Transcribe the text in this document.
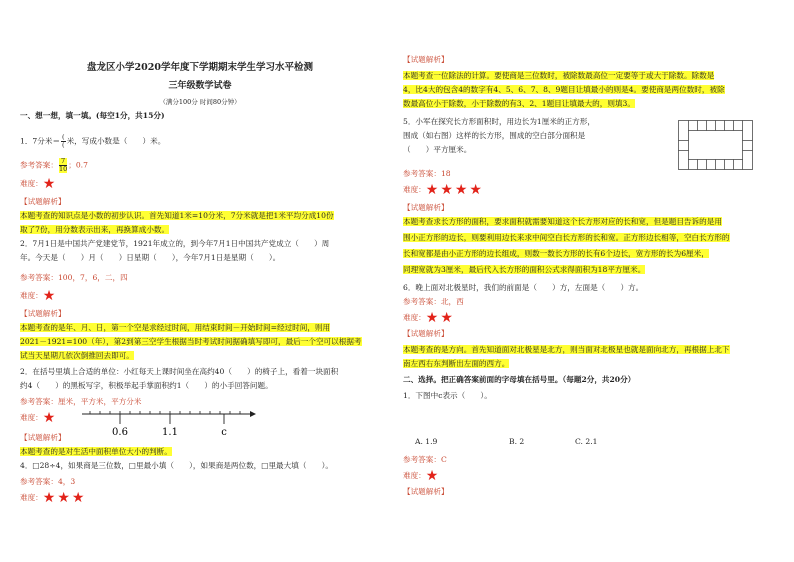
盘龙区小学2020学年度下学期期末学生学习水平检测
三年级数学试卷
（满分100分 时间80分钟）
一、想一想，填一填。(每空1分，共15分)
1．7分米＝ $\frac{(}{(}$ 米，写成小数是（　　）米。
参考答案： $\frac{7}{10}$ ；0.7
难度：★
【试题解析】
本题考查的知识点是小数的初步认识。首先知道1米=10分米，7分米就是把1米平均分成10份
取了7份，用分数表示出来，再换算成小数。
2．7月1日是中国共产党建党节，1921年成立的，到今年7月1日中国共产党成立（　　）周
年。今天是（　　）月（　　）日星期（　　），今年7月1日是星期（　　）。
参考答案：100，7，6，二，四
难度：★
【试题解析】
本题考查的是年、月、日，第一个空是求经过时间，用结束时间－开始时间=经过时间，则用
2021－1921=100（年），第2到第三空学生根据当时考试时间据确填写即可，最后一个空可以根据考
试当天星期几依次倒推回去即可。
2．在括号里填上合适的单位：小红每天上课时间坐在高约40（　　）的椅子上，看着一块面积
约4（　　）的黑板写字，积极举起手掌面积约1（　　）的小手回答问题。
参考答案：厘米，平方米，平方分米
难度：★
0.6	1.1	c
【试题解析】
本题考查的是对生活中面积单位大小的判断。
4．□28÷4，如果商是三位数，□里最小填（　　），如果商是两位数，□里最大填（　　）。
参考答案：4，3
难度：★★★
【试题解析】
本题考查一位除法的计算。要使商是三位数时，被除数最高位一定要等于或大于除数。除数是
4，比4大的包含4的数字有4、5、6、7、8、9题目让填最小的则是4。要使商是两位数时，被除
数最高位小于除数，小于除数的有3、2、1题目让填最大的，则填3。
5．小军在探究长方形面积时，用边长为1厘米的正方形，
围成（如右图）这样的长方形，围成的空白部分面积是
（　　）平方厘米。
参考答案：18
难度：★★★★
【试题解析】
本题考查求长方形的面积，要求面积就需要知道这个长方形对应的长和宽，但是题目告诉的是用
围小正方形的边长，则要利用边长来求中间空白长方形的长和宽。正方形边长相等，空白长方形的
长和宽都是由小正方形的边长组成，则数一数长方形的长有6个边长，宽方形的长为6厘米，
同理宽就为3厘米，最后代入长方形的面积公式求得面积为18平方厘米。
6．晚上面对北极星时，我们的前面是（　　）方，左面是（　　）方。
参考答案：北，西
难度：★★
【试题解析】
本题考查的是方向。首先知道面对北极星是北方，则当面对北极星也就是面向北方，再根据上北下
南左西右东判断出左面的西方。
二、选择。把正确答案前面的字母填在括号里。（每题2分，共20分）
1．下图中c表示（　　）。
A. 1.9	B. 2	C. 2.1
参考答案：C
难度：★
【试题解析】
